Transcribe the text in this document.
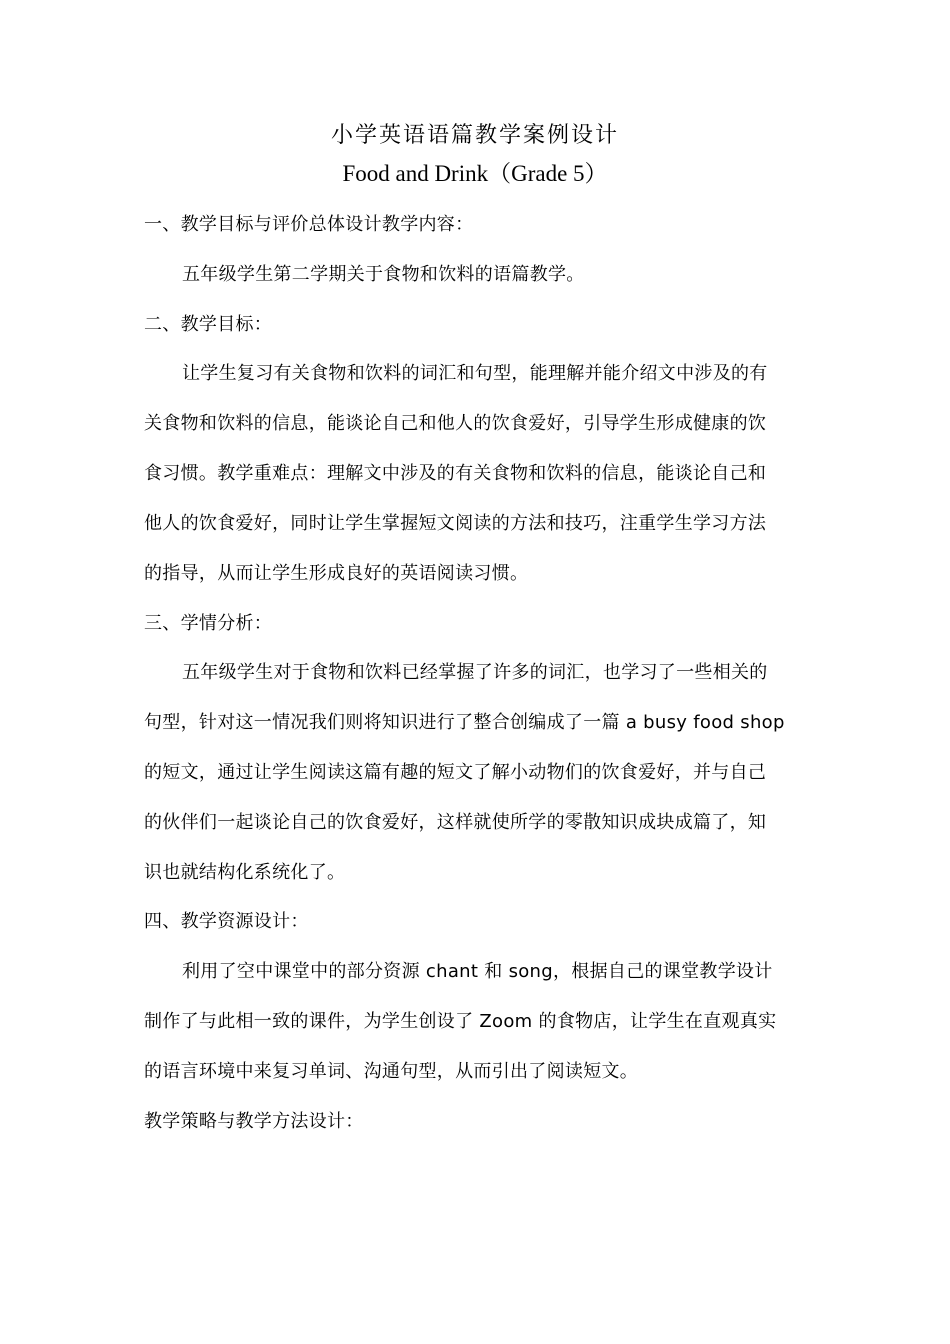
小学英语语篇教学案例设计
Food and Drink（Grade 5）
一、教学目标与评价总体设计教学内容：
五年级学生第二学期关于食物和饮料的语篇教学。
二、教学目标：
让学生复习有关食物和饮料的词汇和句型，能理解并能介绍文中涉及的有
关食物和饮料的信息，能谈论自己和他人的饮食爱好，引导学生形成健康的饮
食习惯。教学重难点：理解文中涉及的有关食物和饮料的信息，能谈论自己和
他人的饮食爱好，同时让学生掌握短文阅读的方法和技巧，注重学生学习方法
的指导，从而让学生形成良好的英语阅读习惯。
三、学情分析：
五年级学生对于食物和饮料已经掌握了许多的词汇，也学习了一些相关的
句型，针对这一情况我们则将知识进行了整合创编成了一篇 a busy food shop
的短文，通过让学生阅读这篇有趣的短文了解小动物们的饮食爱好，并与自己
的伙伴们一起谈论自己的饮食爱好，这样就使所学的零散知识成块成篇了，知
识也就结构化系统化了。
四、教学资源设计：
利用了空中课堂中的部分资源 chant 和 song，根据自己的课堂教学设计
制作了与此相一致的课件，为学生创设了 Zoom 的食物店，让学生在直观真实
的语言环境中来复习单词、沟通句型，从而引出了阅读短文。
教学策略与教学方法设计：
